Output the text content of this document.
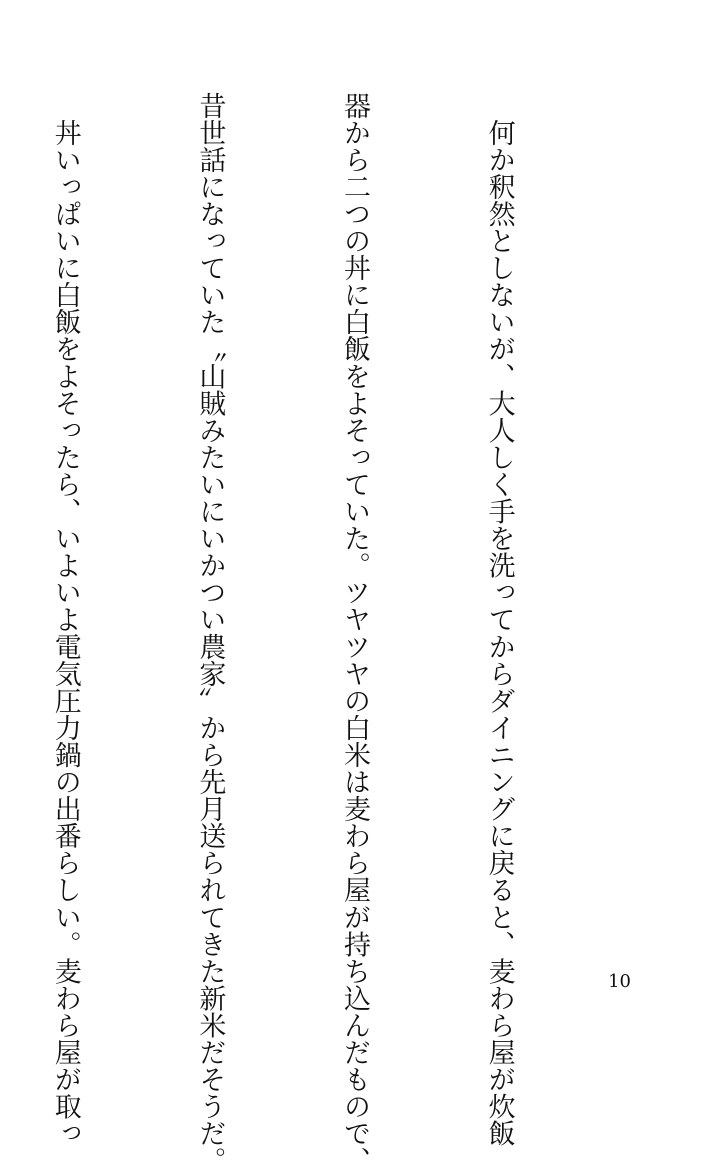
　何か釈然としないが、大人しく手を洗ってからダイニングに戻ると、麦わら屋が炊飯

器から二つの丼に白飯をよそっていた。ツヤツヤの白米は麦わら屋が持ち込んだもので、

昔世話になっていた〝山賊みたいにいかつい農家〟から先月送られてきた新米だそうだ。

　丼いっぱいに白飯をよそったら、いよいよ電気圧力鍋の出番らしい。麦わら屋が取っ

	10
